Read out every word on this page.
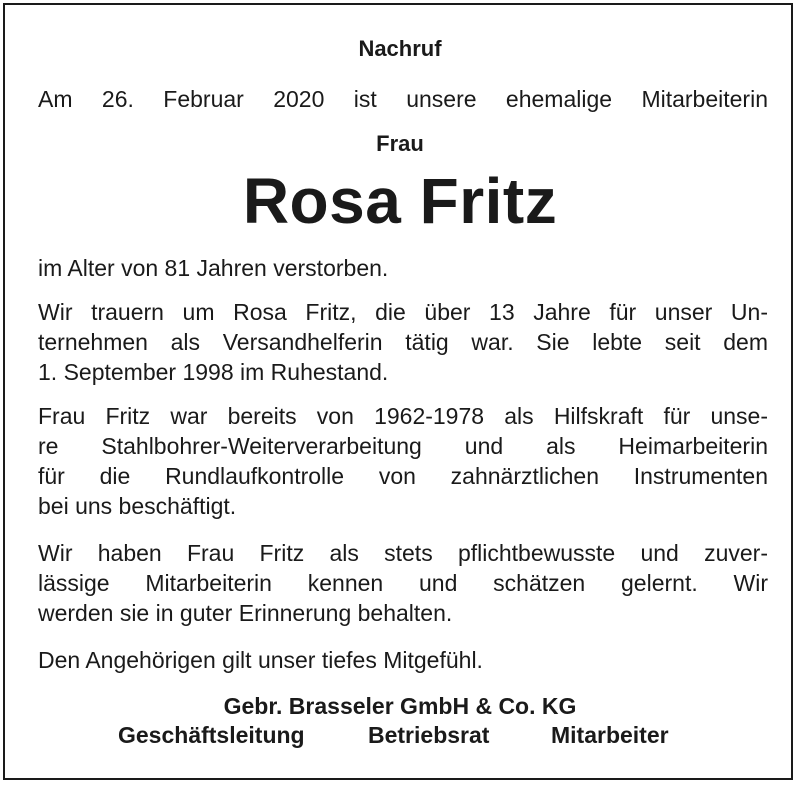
Nachruf
Am 26. Februar 2020 ist unsere ehemalige Mitarbeiterin
Frau
Rosa Fritz
im Alter von 81 Jahren verstorben.
Wir trauern um Rosa Fritz, die über 13 Jahre für unser Un-
ternehmen als Versandhelferin tätig war. Sie lebte seit dem
1. September 1998 im Ruhestand.
Frau Fritz war bereits von 1962-1978 als Hilfskraft für unse-
re Stahlbohrer-Weiterverarbeitung und als Heimarbeiterin
für die Rundlaufkontrolle von zahnärztlichen Instrumenten
bei uns beschäftigt.
Wir haben Frau Fritz als stets pflichtbewusste und zuver-
lässige Mitarbeiterin kennen und schätzen gelernt. Wir
werden sie in guter Erinnerung behalten.
Den Angehörigen gilt unser tiefes Mitgefühl.
Gebr. Brasseler GmbH & Co. KG
Geschäftsleitung	Betriebsrat	Mitarbeiter
